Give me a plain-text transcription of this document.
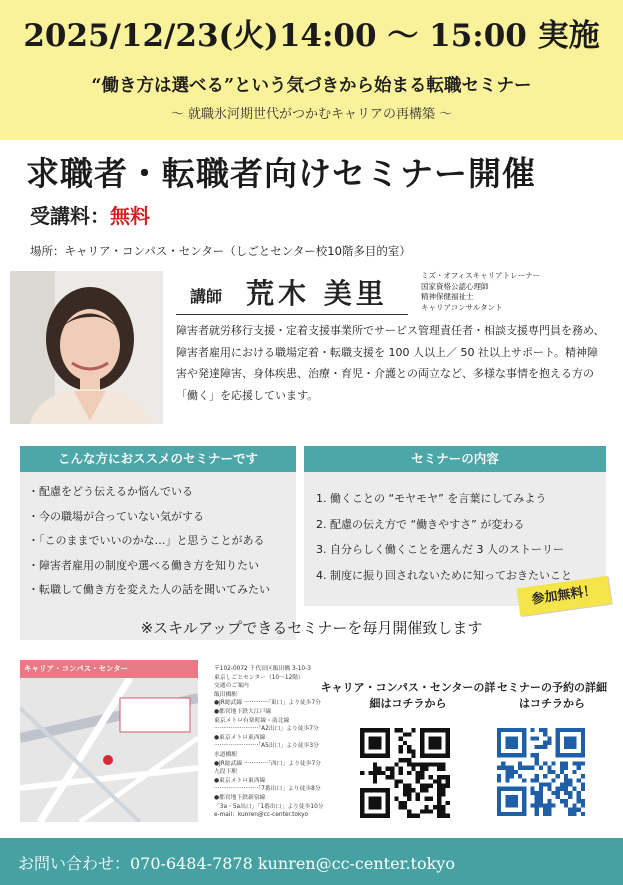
2025/12/23(火)14:00 ～ 15:00 実施
“働き方は選べる”という気づきから始まる転職セミナー
～ 就職氷河期世代がつかむキャリアの再構築 ～
求職者・転職者向けセミナー開催
受講料：無料
場所：キャリア・コンパス・センター（しごとセンター校10階多目的室）
講師 荒木 美里
ミズ・オフィスキャリアトレーナー
国家資格公認心理師
精神保健福祉士
キャリアコンサルタント
障害者就労移行支援・定着支援事業所でサービス管理責任者・相談支援専門員を務め、障害者雇用における職場定着・転職支援を 100 人以上／ 50 社以上サポート。精神障害や発達障害、身体疾患、治療・育児・介護との両立など、多様な事情を抱える方の「働く」を応援しています。
こんな方におススメのセミナーです
・配慮をどう伝えるか悩んでいる
・今の職場が合っていない気がする
・「このままでいいのかな…」と思うことがある
・障害者雇用の制度や選べる働き方を知りたい
・転職して働き方を変えた人の話を聞いてみたい
セミナーの内容
1. 働くことの “モヤモヤ” を言葉にしてみよう
2. 配慮の伝え方で “働きやすさ” が変わる
3. 自分らしく働くことを選んだ 3 人のストーリー
4. 制度に振り回されないために知っておきたいこと
参加無料！
※スキルアップできるセミナーを毎月開催致します
キャリア・コンパス・センター	〒102-0072 千代田区飯田橋 3-10-3
東京しごとセンター（10〜12階）
交通のご案内
飯田橋駅
●JR総武線 ·············「東口」より徒歩7分
●都営地下鉄大江戸線
東京メトロ有楽町線・南北線
························「A2出口」より徒歩7分
●東京メトロ東西線
························「A5出口」より徒歩3分
水道橋駅
●JR総武線 ·············「西口」より徒歩7分
九段下駅
●東京メトロ東西線
························「7番出口」より徒歩8分
●都営地下鉄新宿線
「3a・5a出口」「1番出口」より徒歩10分
e-mail：kunren@cc-center.tokyo
キャリア・コンパス・センターの詳細はコチラから
セミナーの予約の詳細はコチラから
お問い合わせ：070-6484-7878 kunren@cc-center.tokyo
